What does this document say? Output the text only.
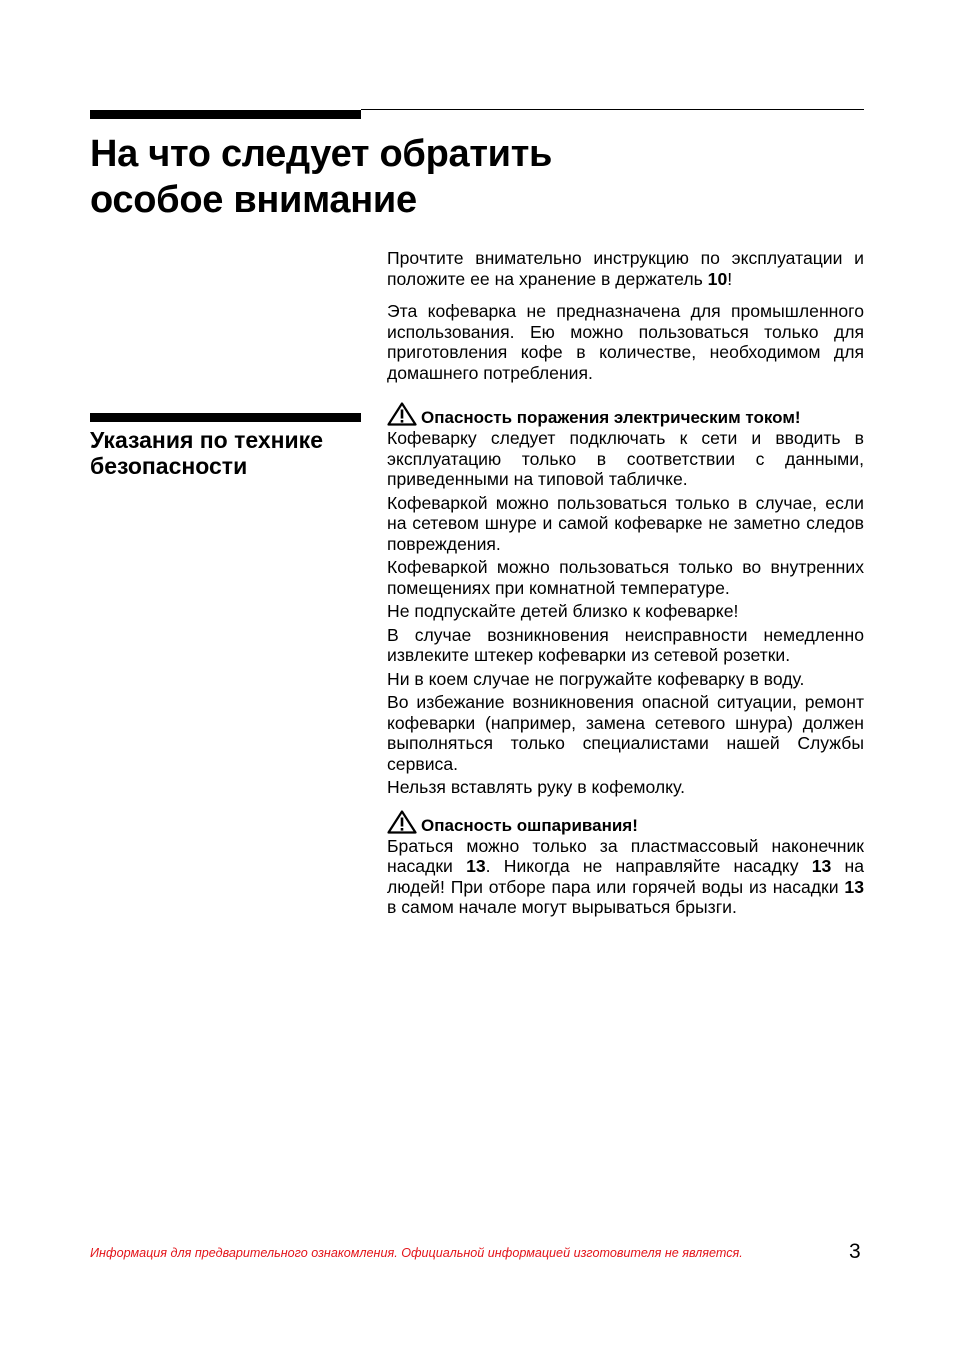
На что следует обратить особое внимание

Прочтите внимательно инструкцию по эксплуатации и положите ее на хранение в держатель 10!

Эта кофеварка не предназначена для промышленного использования. Ею можно пользоваться только для приготовления кофе в количестве, необходимом для домашнего потребления.

Указания по технике безопасности

Опасность поражения электрическим током!

Кофеварку следует подключать к сети и вводить в эксплуатацию только в соответствии с данными, приведенными на типовой табличке.

Кофеваркой можно пользоваться только в случае, если на сетевом шнуре и самой кофеварке не заметно следов повреждения.

Кофеваркой можно пользоваться только во внутренних помещениях при комнатной температуре.

Не подпускайте детей близко к кофеварке!

В случае возникновения неисправности немедленно извлеките штекер кофеварки из сетевой розетки.

Ни в коем случае не погружайте кофеварку в воду.

Во избежание возникновения опасной ситуации, ремонт кофеварки (например, замена сетевого шнура) должен выполняться только специалистами нашей Службы сервиса.

Нельзя вставлять руку в кофемолку.

Опасность ошпаривания!

Браться можно только за пластмассовый наконечник насадки 13. Никогда не направляйте насадку 13 на людей! При отборе пара или горячей воды из насадки 13 в самом начале могут вырываться брызги.

Информация для предварительного ознакомления. Официальной информацией изготовителя не является.	3
